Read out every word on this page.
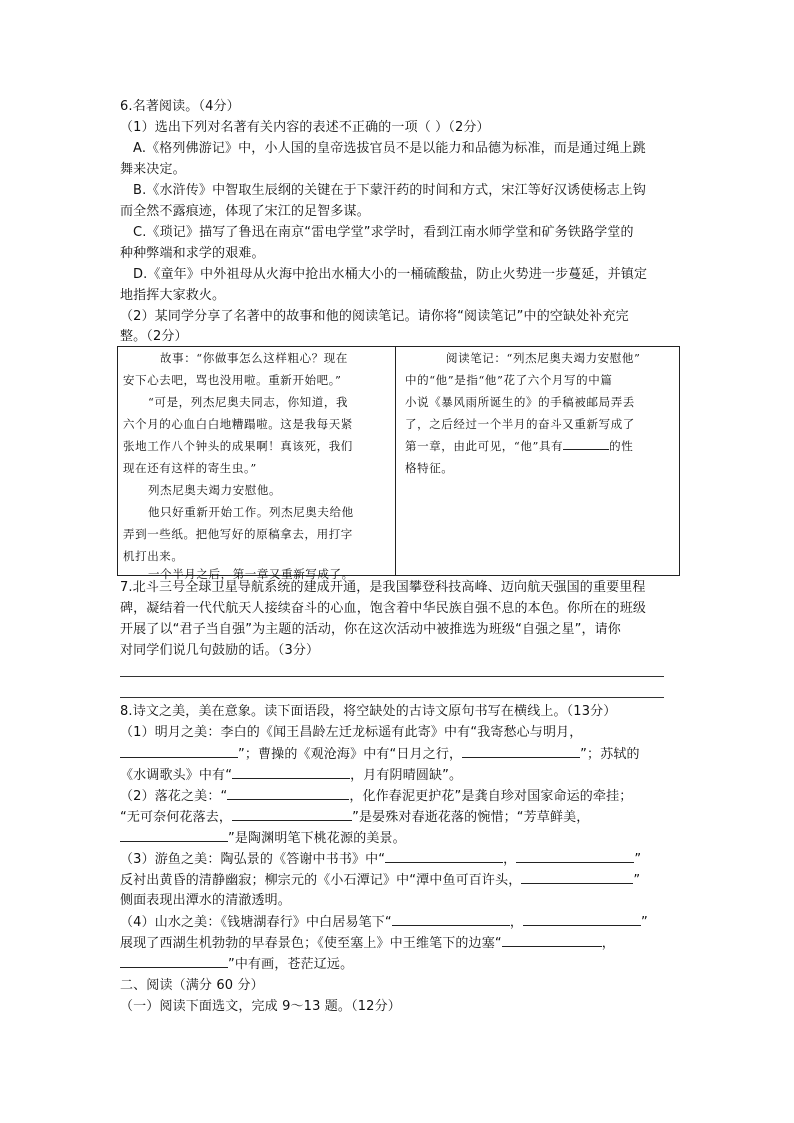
6.名著阅读。（4分）
（1）选出下列对名著有关内容的表述不正确的一项（ ）（2分）
A.《格列佛游记》中，小人国的皇帝选拔官员不是以能力和品德为标准，而是通过绳上跳
舞来决定。
B.《水浒传》中智取生辰纲的关键在于下蒙汗药的时间和方式，宋江等好汉诱使杨志上钩
而全然不露痕迹，体现了宋江的足智多谋。
C.《琐记》描写了鲁迅在南京“雷电学堂”求学时，看到江南水师学堂和矿务铁路学堂的
种种弊端和求学的艰难。
D.《童年》中外祖母从火海中抢出水桶大小的一桶硫酸盐，防止火势进一步蔓延，并镇定
地指挥大家救火。
（2）某同学分享了名著中的故事和他的阅读笔记。请你将“阅读笔记”中的空缺处补充完
整。（2分）
故事：“你做事怎么这样粗心？现在
安下心去吧，骂也没用啦。重新开始吧。”
“可是，列杰尼奥夫同志，你知道，我
六个月的心血白白地糟蹋啦。这是我每天紧
张地工作八个钟头的成果啊！真该死，我们
现在还有这样的寄生虫。”
列杰尼奥夫竭力安慰他。
他只好重新开始工作。列杰尼奥夫给他
弄到一些纸。把他写好的原稿拿去，用打字
机打出来。
一个半月之后，第一章又重新写成了。
阅读笔记：“列杰尼奥夫竭力安慰他”
中的“他”是指“他”花了六个月写的中篇
小说《暴风雨所诞生的》的手稿被邮局弄丢
了，之后经过一个半月的奋斗又重新写成了
第一章，由此可见，“他”具有	的性
格特征。
7.北斗三号全球卫星导航系统的建成开通，是我国攀登科技高峰、迈向航天强国的重要里程
碑，凝结着一代代航天人接续奋斗的心血，饱含着中华民族自强不息的本色。你所在的班级
开展了以“君子当自强”为主题的活动，你在这次活动中被推选为班级“自强之星”，请你
对同学们说几句鼓励的话。（3分）
8.诗文之美，美在意象。读下面语段，将空缺处的古诗文原句书写在横线上。（13分）
（1）明月之美：李白的《闻王昌龄左迁龙标遥有此寄》中有“我寄愁心与明月，
”；曹操的《观沧海》中有“日月之行，	”；苏轼的
《水调歌头》中有“	，月有阴晴圆缺”。
（2）落花之美：“	，化作春泥更护花”是龚自珍对国家命运的牵挂；
“无可奈何花落去，	”是晏殊对春逝花落的惋惜；“芳草鲜美，
”是陶渊明笔下桃花源的美景。
（3）游鱼之美：陶弘景的《答谢中书书》中“	，	”
反衬出黄昏的清静幽寂；柳宗元的《小石潭记》中“潭中鱼可百许头，	”
侧面表现出潭水的清澈透明。
（4）山水之美：《钱塘湖春行》中白居易笔下“	，	”
展现了西湖生机勃勃的早春景色；《使至塞上》中王维笔下的边塞“	，
”中有画，苍茫辽远。
二、阅读（满分 60 分）
（一）阅读下面选文，完成 9～13 题。（12分）
